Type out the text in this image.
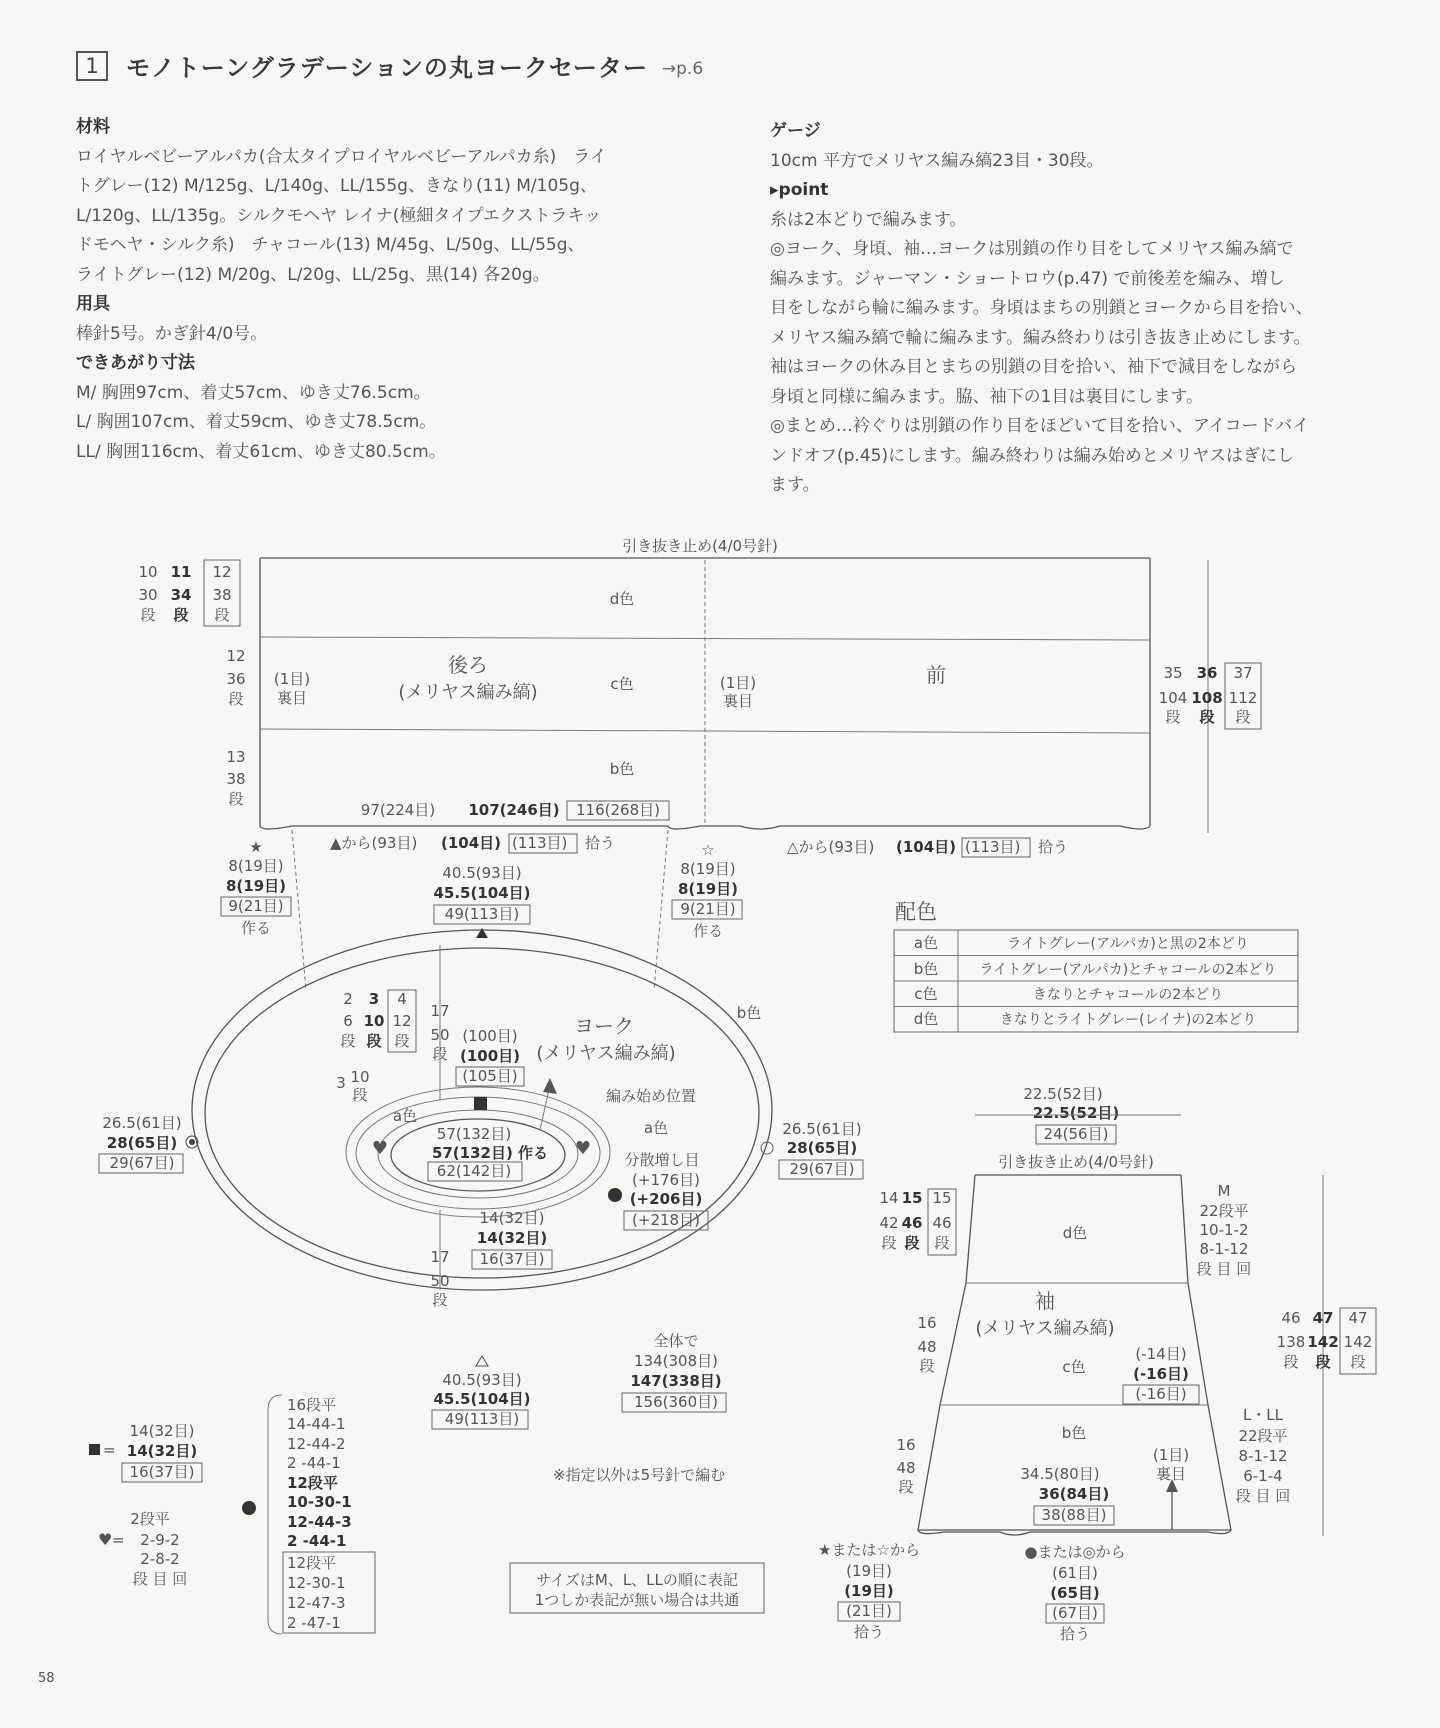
1	モノトーングラデーションの丸ヨークセーター →p.6

材料

ロイヤルベビーアルパカ(合太タイプロイヤルベビーアルパカ糸)　ライ

トグレー(12) M/125g、L/140g、LL/155g、きなり(11) M/105g、

L/120g、LL/135g。シルクモヘヤ レイナ(極細タイプエクストラキッ

ドモヘヤ・シルク糸)　チャコール(13) M/45g、L/50g、LL/55g、

ライトグレー(12) M/20g、L/20g、LL/25g、黒(14) 各20g。

用具

棒針5号。かぎ針4/0号。

できあがり寸法

M/ 胸囲97cm、着丈57cm、ゆき丈76.5cm。

L/ 胸囲107cm、着丈59cm、ゆき丈78.5cm。

LL/ 胸囲116cm、着丈61cm、ゆき丈80.5cm。

ゲージ

10cm 平方でメリヤス編み縞23目・30段。

▸point

糸は2本どりで編みます。

◎ヨーク、身頃、袖…ヨークは別鎖の作り目をしてメリヤス編み縞で

編みます。ジャーマン・ショートロウ(p.47) で前後差を編み、増し

目をしながら輪に編みます。身頃はまちの別鎖とヨークから目を拾い、

メリヤス編み縞で輪に編みます。編み終わりは引き抜き止めにします。

袖はヨークの休み目とまちの別鎖の目を拾い、袖下で減目をしながら

身頃と同様に編みます。脇、袖下の1目は裏目にします。

◎まとめ…衿ぐりは別鎖の作り目をほどいて目を拾い、アイコードバイ

ンドオフ(p.45)にします。編み終わりは編み始めとメリヤスはぎにし

ます。

引き抜き止め(4/0号針)
d色
c色
b色
後ろ
(メリヤス編み縞)
前
(1目)
裏目
(1目)
裏目
10 11 12
30 34 38
段 段 段
12
36
段
13
38
段
35 36 37
104 108 112
段 段 段
97(224目) 107(246目) 116(268目)
▲から(93目) (104目) (113目) 拾う	△から(93目) (104目) (113目) 拾う
★
8(19目)
8(19目)
9(21目)
作る
☆
8(19目)
8(19目)
9(21目)
作る
♥	♥
ヨーク
(メリヤス編み縞)
b色
40.5(93目)
45.5(104目)
49(113目)
40.5(93目)
45.5(104目)
49(113目)
26.5(61目)
28(65目)
29(67目)
26.5(61目)
28(65目)
29(67目)
2 3 4
6 10 12
段 段 段
17
50
段
17
50
段
3 10
段
(100目)
(100目)
(105目)
編み始め位置
a色
a色
57(132目)
57(132目) 作る
62(142目)
分散増し目
(+176目)
(+206目)
(+218目)
14(32目)
14(32目)
16(37目)
全体で
134(308目)
147(338目)
156(360目)
配色
a色	ライトグレー(アルパカ)と黒の2本どり
b色	ライトグレー(アルパカ)とチャコールの2本どり
c色	きなりとチャコールの2本どり
d色	きなりとライトグレー(レイナ)の2本どり
22.5(52目)
22.5(52目)
24(56目)
引き抜き止め(4/0号針)
d色
c色
b色
袖
(メリヤス編み縞)
(1目)
裏目
14 15 15
42 46 46
段 段 段
16
48
段
16
48
段
M
22段平
10-1-2
8-1-12
段 目 回
L・LL
22段平
8-1-12
6-1-4
段 目 回
(-14目)
(-16目)
(-16目)
46 47 47
138 142 142
段 段 段
34.5(80目)
36(84目)
38(88目)
★または☆から
(19目)
(19目)
(21目)
拾う
●または◎から
(61目)
(65目)
(67目)
拾う
14(32目)
= 14(32目)
16(37目)
2段平
♥ = 2-9-2
2-8-2
段 目 回
16段平
14-44-1
12-44-2
2 -44-1
12段平
10-30-1
12-44-3
2 -44-1
12段平
12-30-1
12-47-3
2 -47-1
※指定以外は5号針で編む
サイズはM、L、LLの順に表記
1つしか表記が無い場合は共通
58
